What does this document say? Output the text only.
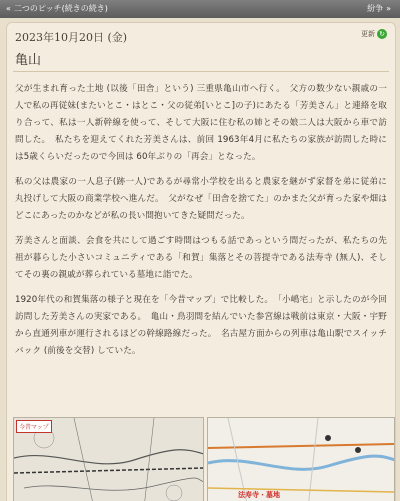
« 二つのピッチ(続きの続き)	紛争 »
2023年10月20日 (金)	更新 ↻
亀山

父が生まれ育った土地 (以後「田舎」という) 三重県亀山市へ行く。　父方の数少ない親戚の一人で私の再従妹(またいとこ・はとこ・父の従弟[いとこ]の子)にあたる「芳美さん」と連絡を取り合って、私は一人新幹線を使って、そして大阪に住む私の姉とその娘二人は大阪から車で訪問した。　私たちを迎えてくれた芳美さんは、前回 1963年4月に私たちの家族が訪問した時には5歳くらいだったので今回は 60年ぶりの「再会」となった。

私の父は農家の一人息子(跡一人)であるが尋常小学校を出ると農家を継がず家督を弟に従弟に丸投げして大阪の商業学校へ進んだ。　父がなぜ「田舎を捨てた」のかまた父が育った家や畑はどこにあったのかなどが私の長い間抱いてきた疑問だった。

芳美さんと面談、会食を共にして過ごす時間はつもる話であっという間だったが、私たちの先祖が暮らした小さいコミュニティである「和賀」集落とその菩提寺である法寿寺 (無人)、そしてその裏の親戚が葬られている墓地に詣でた。

1920年代の和賀集落の様子と現在を「今昔マップ」で比較した。　「小嶋宅」と示したのが今回訪問した芳美さんの実家である。　亀山・鳥羽間を結んでいた参宮線は戦前は東京・大阪・宇野から直通列車が運行されるほどの幹線路線だった。　名古屋方面からの列車は亀山駅でスイッチバック (前後を交替) していた。

今昔マップ
法寿寺・墓地
